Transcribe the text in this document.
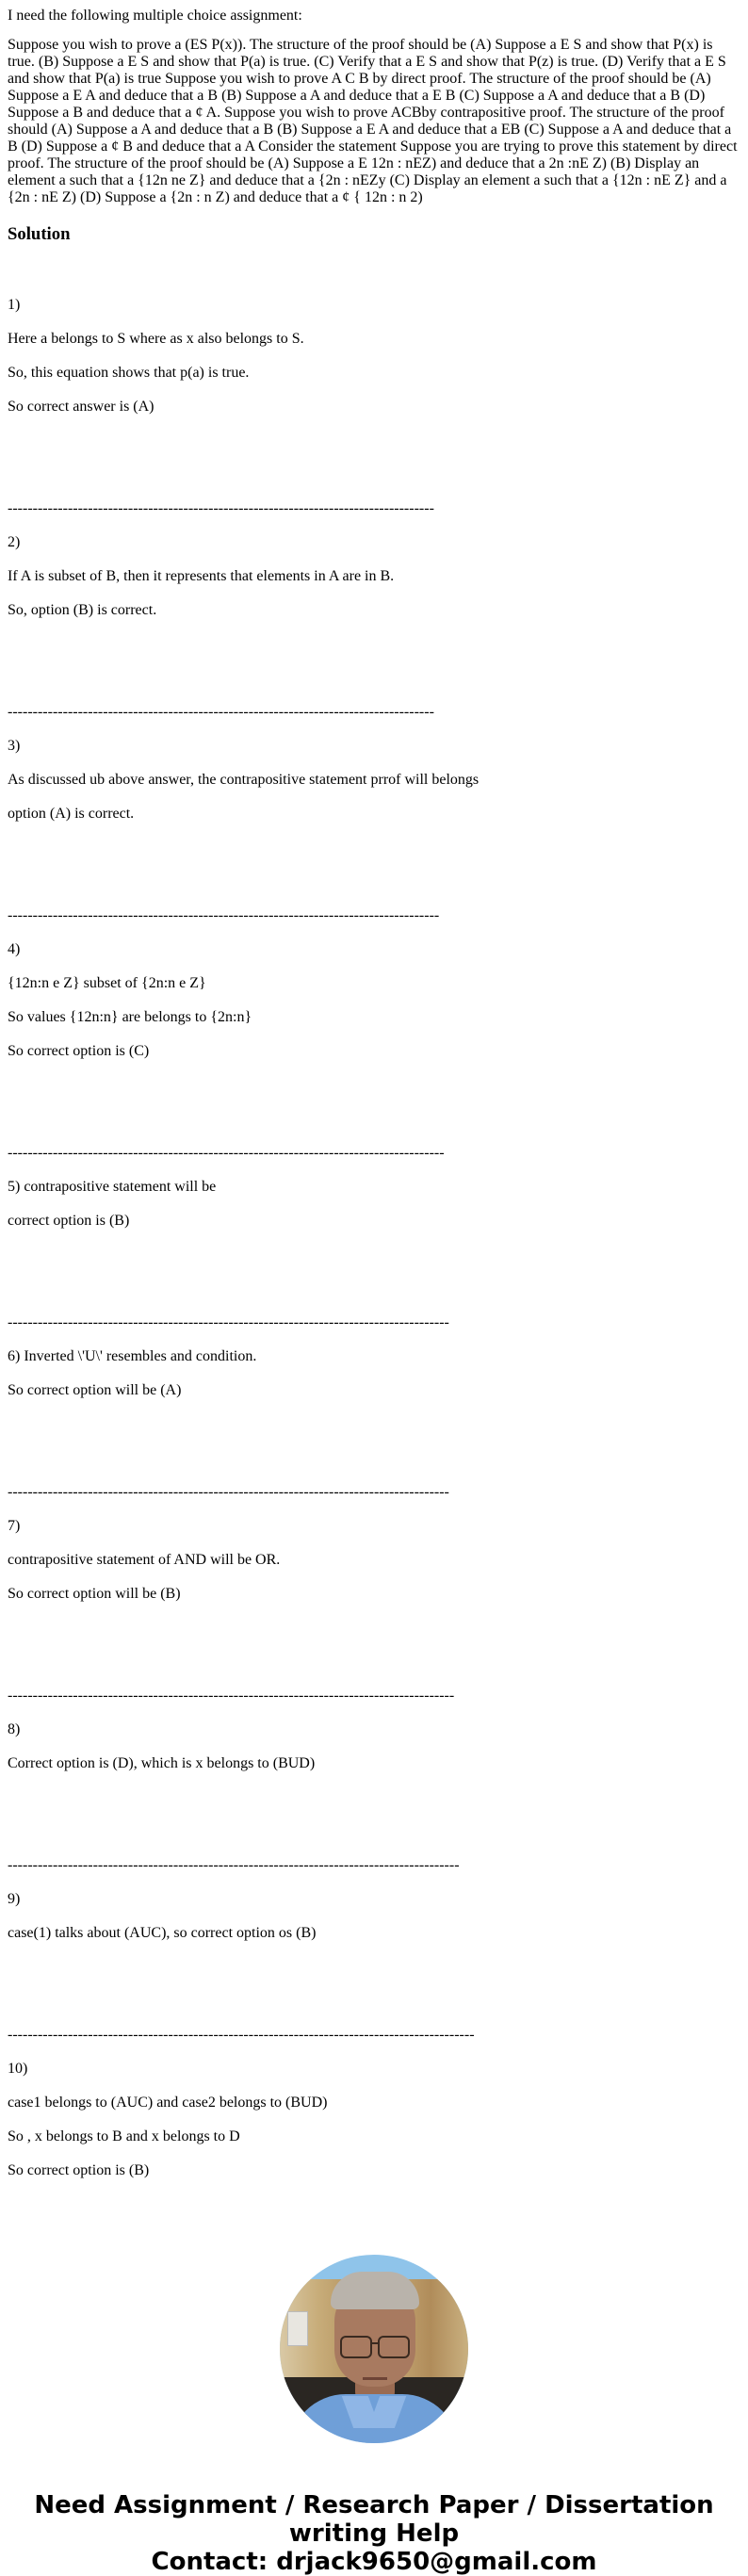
I need the following multiple choice assignment:

Suppose you wish to prove a (ES P(x)). The structure of the proof should be (A) Suppose a E S and show that P(x) is true. (B) Suppose a E S and show that P(a) is true. (C) Verify that a E S and show that P(z) is true. (D) Verify that a E S and show that P(a) is true Suppose you wish to prove A C B by direct proof. The structure of the proof should be (A) Suppose a E A and deduce that a B (B) Suppose a A and deduce that a E B (C) Suppose a A and deduce that a B (D) Suppose a B and deduce that a ¢ A. Suppose you wish to prove ACBby contrapositive proof. The structure of the proof should (A) Suppose a A and deduce that a B (B) Suppose a E A and deduce that a EB (C) Suppose a A and deduce that a B (D) Suppose a ¢ B and deduce that a A Consider the statement Suppose you are trying to prove this statement by direct proof. The structure of the proof should be (A) Suppose a E 12n : nEZ) and deduce that a 2n :nE Z) (B) Display an element a such that a {12n ne Z} and deduce that a {2n : nEZy (C) Display an element a such that a {12n : nE Z} and a {2n : nE Z) (D) Suppose a {2n : n Z) and deduce that a ¢ { 12n : n 2)

Solution

1)

Here a belongs to S where as x also belongs to S.

So, this equation shows that p(a) is true.

So correct answer is (A)

-------------------------------------------------------------------------------------

2)

If A is subset of B, then it represents that elements in A are in B.

So, option (B) is correct.

-------------------------------------------------------------------------------------

3)

As discussed ub above answer, the contrapositive statement prrof will belongs

option (A) is correct.

--------------------------------------------------------------------------------------

4)

{12n:n e Z} subset of {2n:n e Z}

So values {12n:n} are belongs to {2n:n}

So correct option is (C)

---------------------------------------------------------------------------------------

5) contrapositive statement will be

correct option is (B)

----------------------------------------------------------------------------------------

6) Inverted \'U\' resembles and condition.

So correct option will be (A)

----------------------------------------------------------------------------------------

7)

contrapositive statement of AND will be OR.

So correct option will be (B)

-----------------------------------------------------------------------------------------

8)

Correct option is (D), which is x belongs to (BUD)

------------------------------------------------------------------------------------------

9)

case(1) talks about (AUC), so correct option os (B)

---------------------------------------------------------------------------------------------

10)

case1 belongs to (AUC) and case2 belongs to (BUD)

So , x belongs to B and x belongs to D

So correct option is (B)

Need Assignment / Research Paper / Dissertation
writing Help
Contact: drjack9650@gmail.com
